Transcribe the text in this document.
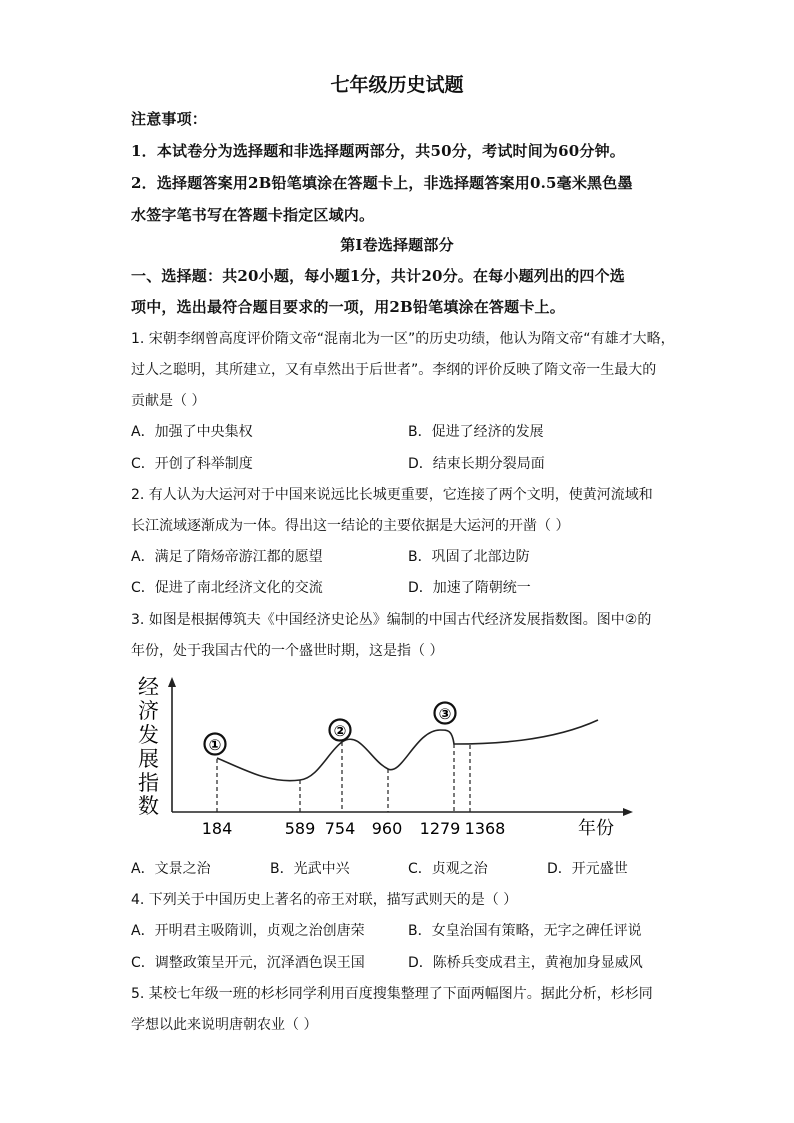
七年级历史试题
注意事项：
1．本试卷分为选择题和非选择题两部分，共50分，考试时间为60分钟。
2．选择题答案用2B铅笔填涂在答题卡上，非选择题答案用0.5毫米黑色墨
水签字笔书写在答题卡指定区域内。
第Ⅰ卷选择题部分
一、选择题：共20小题，每小题1分，共计20分。在每小题列出的四个选
项中，选出最符合题目要求的一项，用2B铅笔填涂在答题卡上。
1. 宋朝李纲曾高度评价隋文帝“混南北为一区”的历史功绩，他认为隋文帝“有雄才大略，
过人之聪明，其所建立，又有卓然出于后世者”。李纲的评价反映了隋文帝一生最大的
贡献是（ ）
A．加强了中央集权	B．促进了经济的发展
C．开创了科举制度	D．结束长期分裂局面
2. 有人认为大运河对于中国来说远比长城更重要，它连接了两个文明，使黄河流域和
长江流域逐渐成为一体。得出这一结论的主要依据是大运河的开凿（ ）
A．满足了隋炀帝游江都的愿望	B．巩固了北部边防
C．促进了南北经济文化的交流	D．加速了隋朝统一
3. 如图是根据傅筑夫《中国经济史论丛》编制的中国古代经济发展指数图。图中②的
年份，处于我国古代的一个盛世时期，这是指（ ）
经
济
发
展
指
数
①
②
③
184	589 754 960 1279 1368	年份
A．文景之治	B．光武中兴	C．贞观之治	D．开元盛世
4. 下列关于中国历史上著名的帝王对联，描写武则天的是（ ）
A．开明君主吸隋训，贞观之治创唐荣	B．女皇治国有策略，无字之碑任评说
C．调整政策呈开元，沉泽酒色误王国	D．陈桥兵变成君主，黄袍加身显威风
5. 某校七年级一班的杉杉同学利用百度搜集整理了下面两幅图片。据此分析，杉杉同
学想以此来说明唐朝农业（ ）
